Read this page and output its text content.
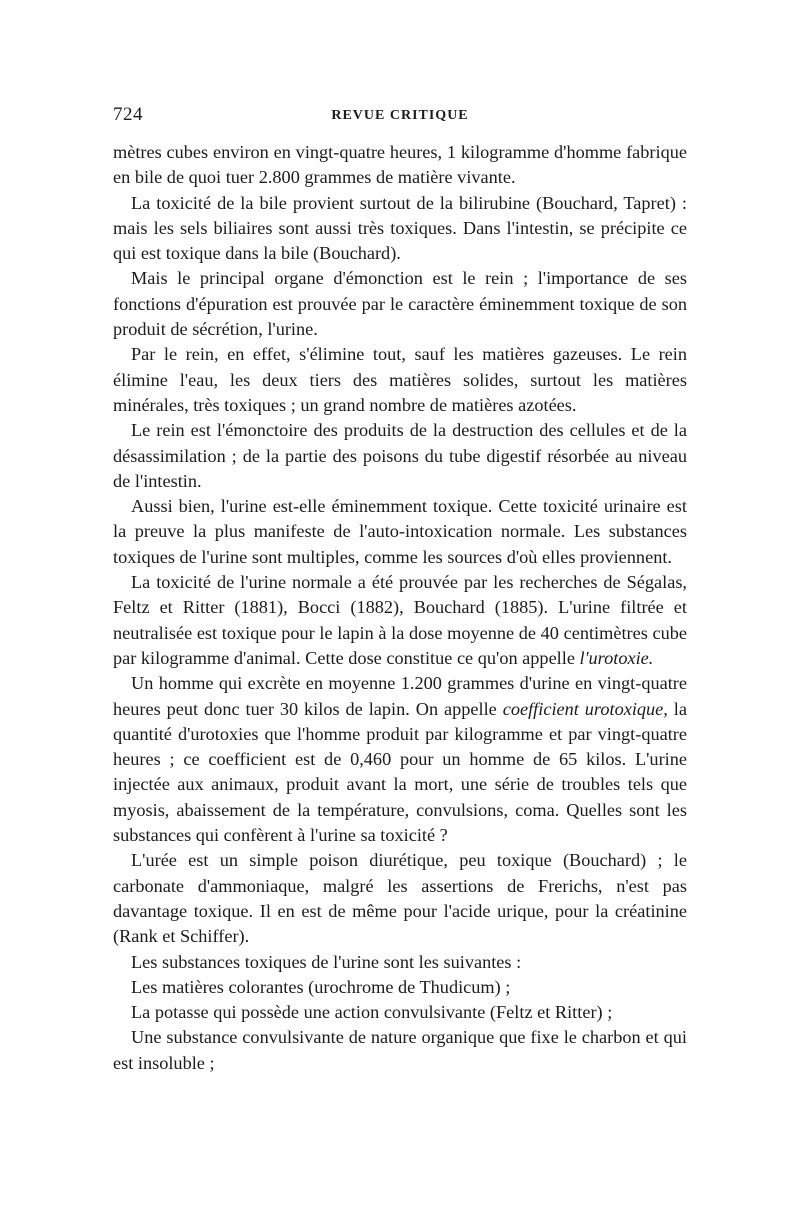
724	REVUE CRITIQUE

mètres cubes environ en vingt-quatre heures, 1 kilogramme d'homme fabrique en bile de quoi tuer 2.800 grammes de matière vivante.

La toxicité de la bile provient surtout de la bilirubine (Bouchard, Tapret) : mais les sels biliaires sont aussi très toxiques. Dans l'intestin, se précipite ce qui est toxique dans la bile (Bouchard).

Mais le principal organe d'émonction est le rein ; l'importance de ses fonctions d'épuration est prouvée par le caractère éminemment toxique de son produit de sécrétion, l'urine.

Par le rein, en effet, s'élimine tout, sauf les matières gazeuses. Le rein élimine l'eau, les deux tiers des matières solides, surtout les matières minérales, très toxiques ; un grand nombre de matières azotées.

Le rein est l'émonctoire des produits de la destruction des cellules et de la désassimilation ; de la partie des poisons du tube digestif résorbée au niveau de l'intestin.

Aussi bien, l'urine est-elle éminemment toxique. Cette toxicité urinaire est la preuve la plus manifeste de l'auto-intoxication normale. Les substances toxiques de l'urine sont multiples, comme les sources d'où elles proviennent.

La toxicité de l'urine normale a été prouvée par les recherches de Ségalas, Feltz et Ritter (1881), Bocci (1882), Bouchard (1885). L'urine filtrée et neutralisée est toxique pour le lapin à la dose moyenne de 40 centimètres cube par kilogramme d'animal. Cette dose constitue ce qu'on appelle l'urotoxie.

Un homme qui excrète en moyenne 1.200 grammes d'urine en vingt-quatre heures peut donc tuer 30 kilos de lapin. On appelle coefficient urotoxique, la quantité d'urotoxies que l'homme produit par kilogramme et par vingt-quatre heures ; ce coefficient est de 0,460 pour un homme de 65 kilos. L'urine injectée aux animaux, produit avant la mort, une série de troubles tels que myosis, abaissement de la température, convulsions, coma. Quelles sont les substances qui confèrent à l'urine sa toxicité ?

L'urée est un simple poison diurétique, peu toxique (Bouchard) ; le carbonate d'ammoniaque, malgré les assertions de Frerichs, n'est pas davantage toxique. Il en est de même pour l'acide urique, pour la créatinine (Rank et Schiffer).

Les substances toxiques de l'urine sont les suivantes :

Les matières colorantes (urochrome de Thudicum) ;

La potasse qui possède une action convulsivante (Feltz et Ritter) ;

Une substance convulsivante de nature organique que fixe le charbon et qui est insoluble ;
